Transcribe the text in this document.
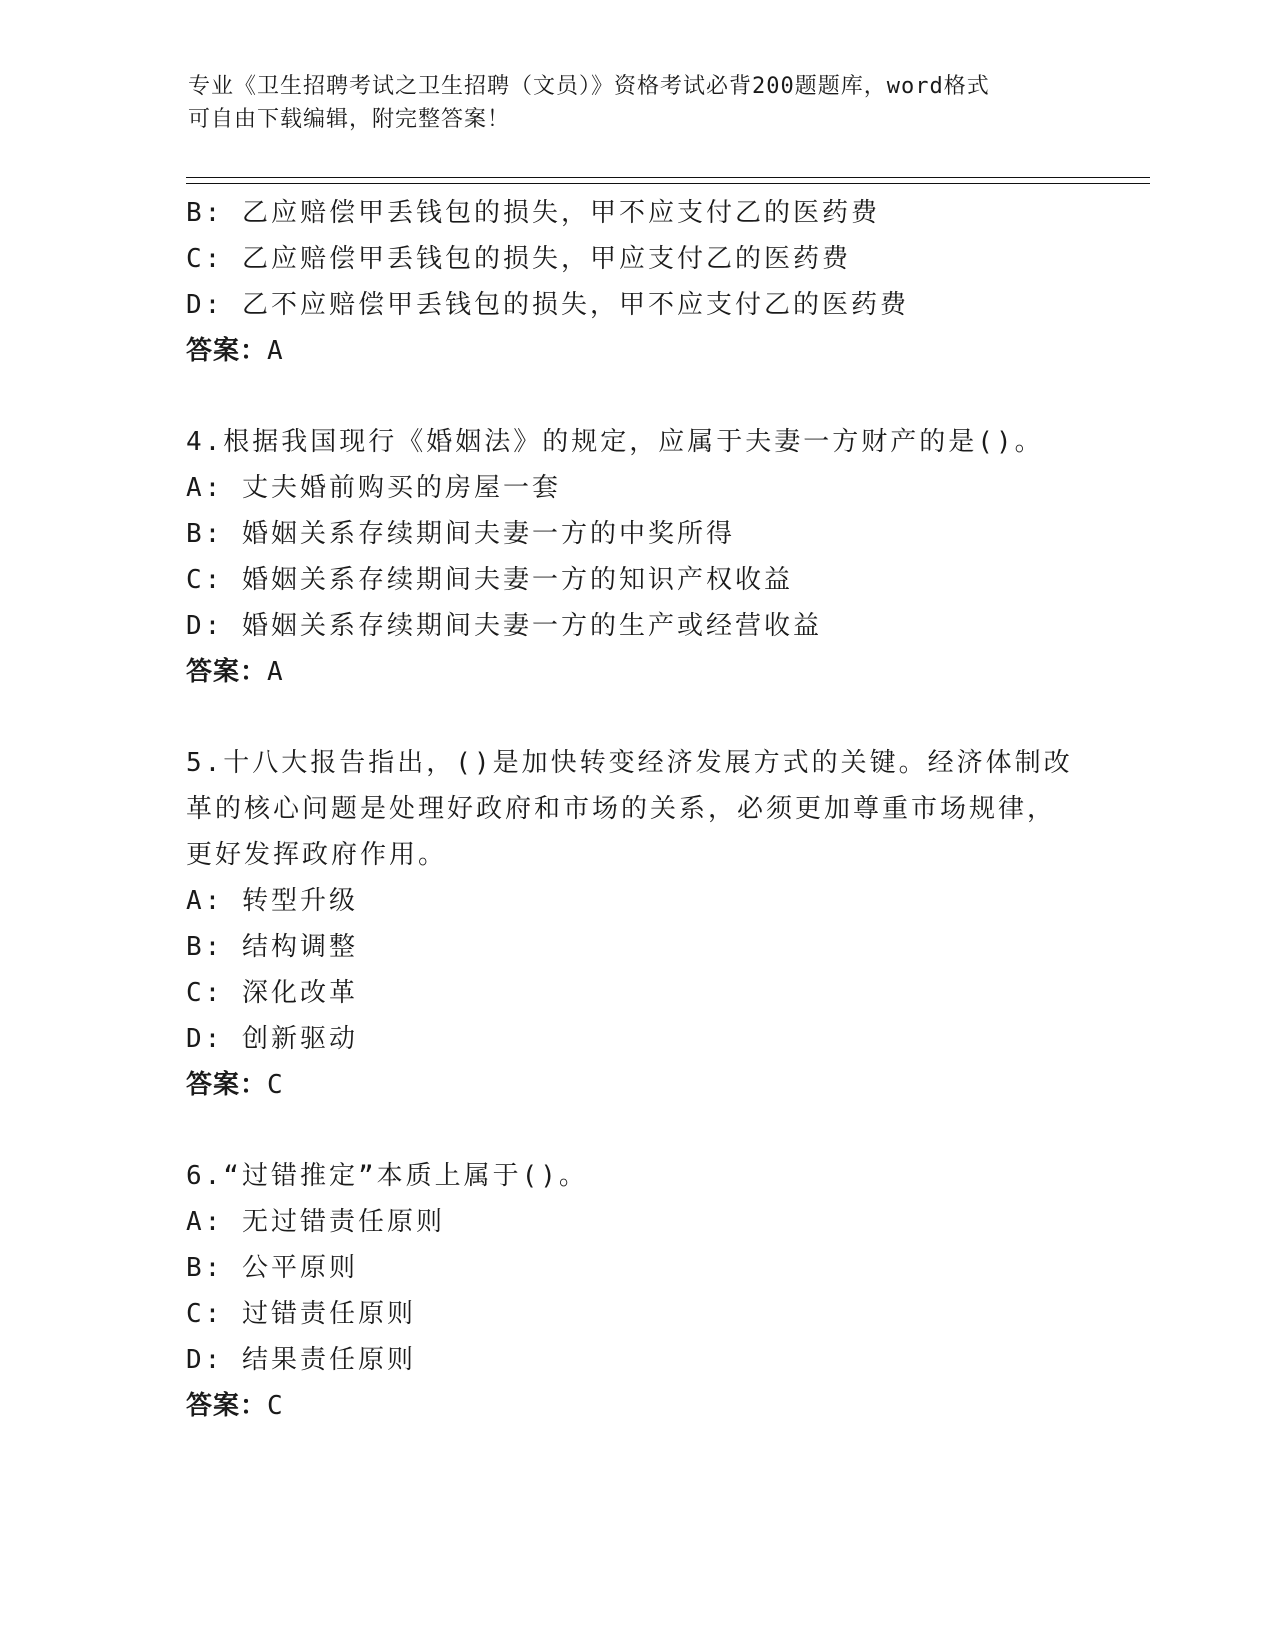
专业《卫生招聘考试之卫生招聘（文员）》资格考试必背200题题库，word格式
可自由下载编辑，附完整答案！
B: 乙应赔偿甲丢钱包的损失，甲不应支付乙的医药费
C: 乙应赔偿甲丢钱包的损失，甲应支付乙的医药费
D: 乙不应赔偿甲丢钱包的损失，甲不应支付乙的医药费
答案：A
4.根据我国现行《婚姻法》的规定，应属于夫妻一方财产的是()。
A: 丈夫婚前购买的房屋一套
B: 婚姻关系存续期间夫妻一方的中奖所得
C: 婚姻关系存续期间夫妻一方的知识产权收益
D: 婚姻关系存续期间夫妻一方的生产或经营收益
答案：A
5.十八大报告指出，()是加快转变经济发展方式的关键。经济体制改
革的核心问题是处理好政府和市场的关系，必须更加尊重市场规律，
更好发挥政府作用。
A: 转型升级
B: 结构调整
C: 深化改革
D: 创新驱动
答案：C
6.“过错推定”本质上属于()。
A: 无过错责任原则
B: 公平原则
C: 过错责任原则
D: 结果责任原则
答案：C
